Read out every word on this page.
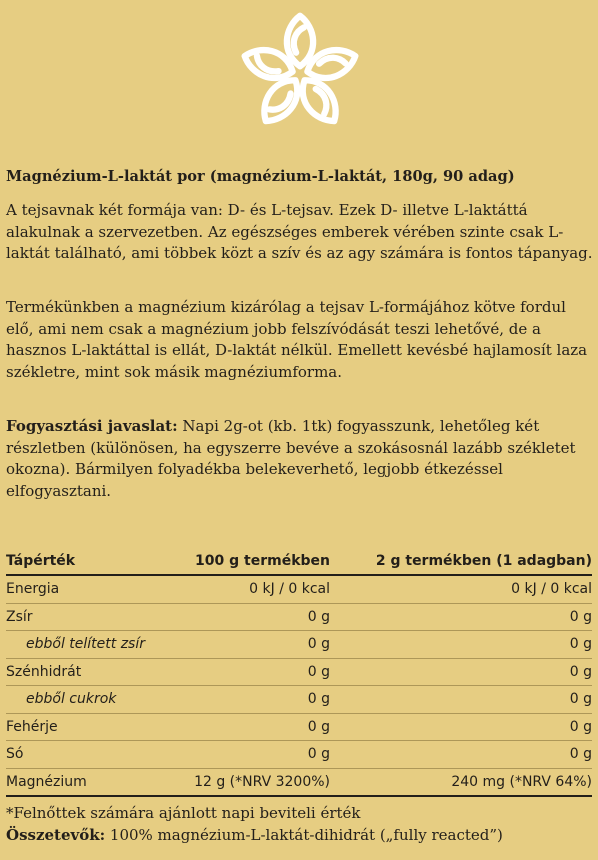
Magnézium-L-laktát por (magnézium-L-laktát, 180g, 90 adag)

A tejsavnak két formája van: D- és L-tejsav. Ezek D- illetve L-laktáttá alakulnak a szervezetben. Az egészséges emberek vérében szinte csak L-laktát található, ami többek közt a szív és az agy számára is fontos tápanyag.

Termékünkben a magnézium kizárólag a tejsav L-formájához kötve fordul elő, ami nem csak a magnézium jobb felszívódását teszi lehetővé, de a hasznos L-laktáttal is ellát, D-laktát nélkül. Emellett kevésbé hajlamosít laza székletre, mint sok másik magnéziumforma.

Fogyasztási javaslat: Napi 2g-ot (kb. 1tk) fogyasszunk, lehetőleg két részletben (különösen, ha egyszerre bevéve a szokásosnál lazább székletet okozna). Bármilyen folyadékba belekeverhető, legjobb étkezéssel elfogyasztani.

Tápérték	100 g termékben	2 g termékben (1 adagban)
Energia	0 kJ / 0 kcal	0 kJ / 0 kcal
Zsír	0 g	0 g
ebből telített zsír	0 g	0 g
Szénhidrát	0 g	0 g
ebből cukrok	0 g	0 g
Fehérje	0 g	0 g
Só	0 g	0 g
Magnézium	12 g (*NRV 3200%)	240 mg (*NRV 64%)
*Felnőttek számára ajánlott napi beviteli érték
Összetevők: 100% magnézium-L-laktát-dihidrát („fully reacted”)
